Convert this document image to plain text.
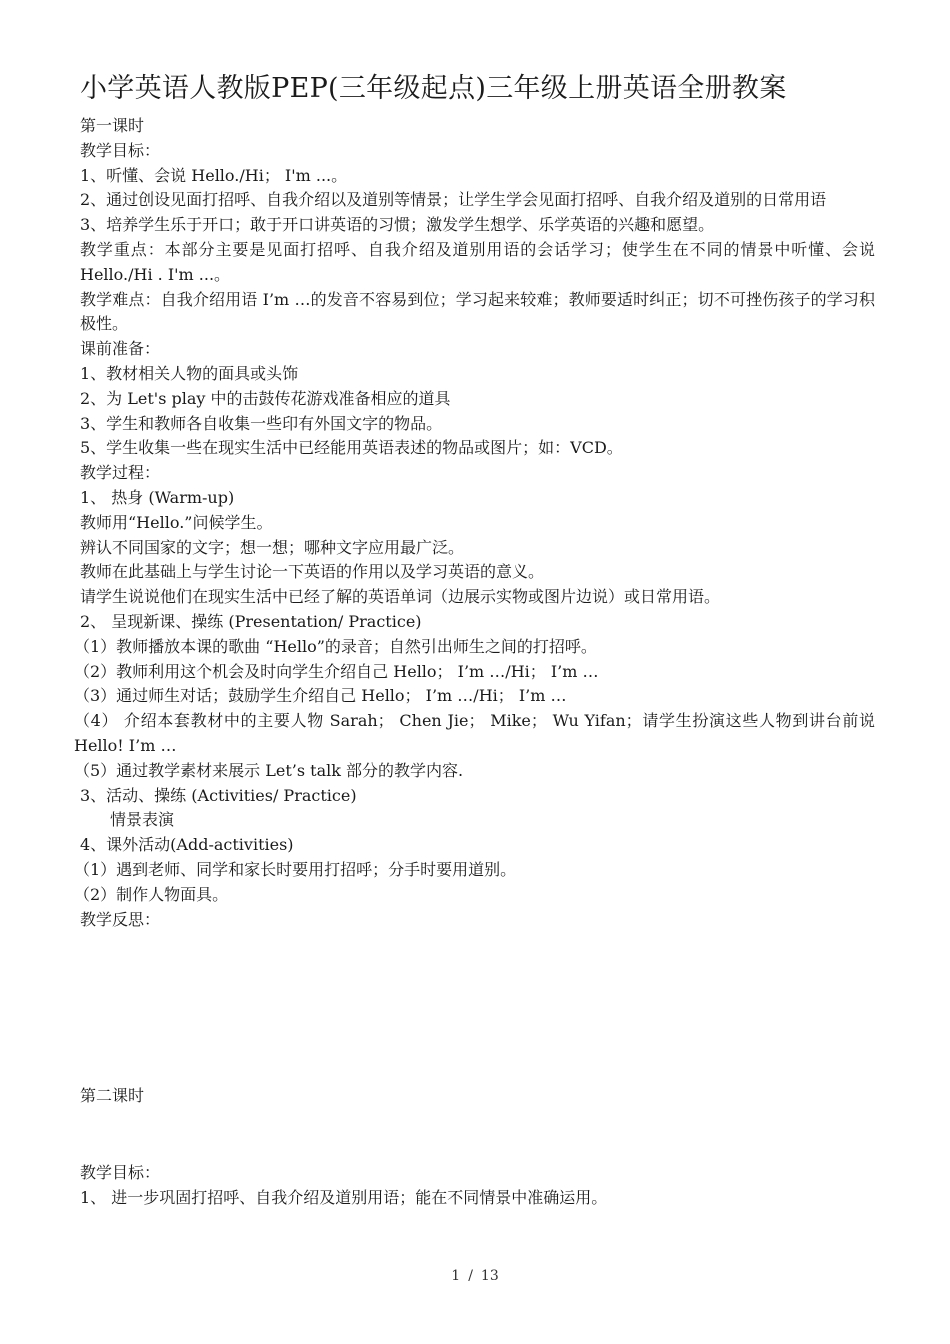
小学英语人教版PEP(三年级起点)三年级上册英语全册教案

第一课时

教学目标：

1、听懂、会说 Hello./Hi； I'm ...。

2、通过创设见面打招呼、自我介绍以及道别等情景；让学生学会见面打招呼、自我介绍及道别的日常用语

3、培养学生乐于开口；敢于开口讲英语的习惯；激发学生想学、乐学英语的兴趣和愿望。

教学重点：本部分主要是见面打招呼、自我介绍及道别用语的会话学习；使学生在不同的情景中听懂、会说 Hello./Hi . I'm ...。

教学难点：自我介绍用语 I’m …的发音不容易到位；学习起来较难；教师要适时纠正；切不可挫伤孩子的学习积极性。

课前准备：

1、教材相关人物的面具或头饰

2、为 Let's play 中的击鼓传花游戏准备相应的道具

3、学生和教师各自收集一些印有外国文字的物品。

5、学生收集一些在现实生活中已经能用英语表述的物品或图片；如：VCD。

教学过程：

1、 热身 (Warm-up)

教师用“Hello.”问候学生。

辨认不同国家的文字；想一想；哪种文字应用最广泛。

教师在此基础上与学生讨论一下英语的作用以及学习英语的意义。

请学生说说他们在现实生活中已经了解的英语单词（边展示实物或图片边说）或日常用语。

2、 呈现新课、操练 (Presentation/ Practice)

（1）教师播放本课的歌曲 “Hello”的录音；自然引出师生之间的打招呼。

（2）教师利用这个机会及时向学生介绍自己 Hello； I’m …/Hi； I’m …

（3）通过师生对话；鼓励学生介绍自己 Hello； I’m …/Hi； I’m …

（4） 介绍本套教材中的主要人物 Sarah； Chen Jie； Mike； Wu Yifan；请学生扮演这些人物到讲台前说 Hello! I’m …

（5）通过教学素材来展示 Let’s talk 部分的教学内容.

3、活动、操练 (Activities/ Practice)

情景表演

4、课外活动(Add-activities)

（1）遇到老师、同学和家长时要用打招呼；分手时要用道别。

（2）制作人物面具。

教学反思：

第二课时

教学目标：

1、 进一步巩固打招呼、自我介绍及道别用语；能在不同情景中准确运用。

1 / 13
